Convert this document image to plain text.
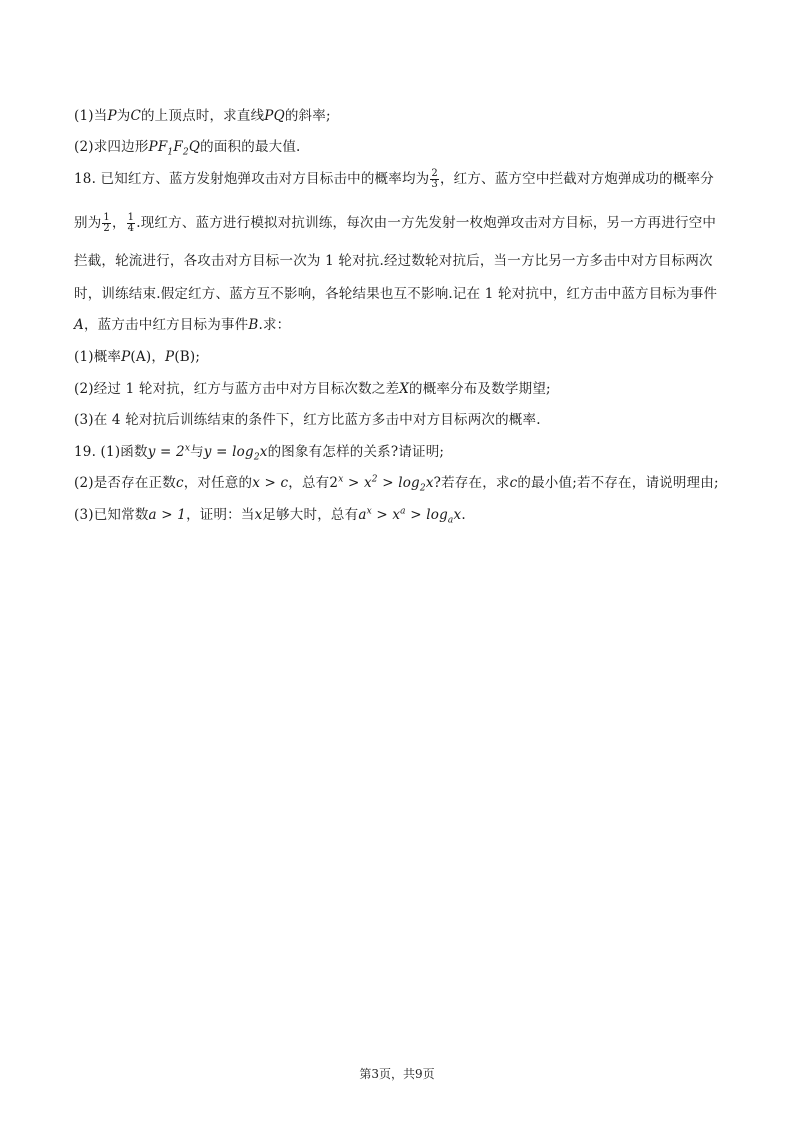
(1)当P为C的上顶点时，求直线PQ的斜率;
(2)求四边形$PF_1F_2Q$的面积的最大值.
18. 已知红方、蓝方发射炮弹攻击对方目标击中的概率均为 $\frac{2}{3}$ ，红方、蓝方空中拦截对方炮弹成功的概率分
别为 $\frac{1}{2}$ ， $\frac{1}{4}$ .现红方、蓝方进行模拟对抗训练，每次由一方先发射一枚炮弹攻击对方目标，另一方再进行空中
拦截，轮流进行，各攻击对方目标一次为 1 轮对抗.经过数轮对抗后，当一方比另一方多击中对方目标两次
时，训练结束.假定红方、蓝方互不影响，各轮结果也互不影响.记在 1 轮对抗中，红方击中蓝方目标为事件
A，蓝方击中红方目标为事件B.求：
(1)概率P(A)，P(B);
(2)经过 1 轮对抗，红方与蓝方击中对方目标次数之差X的概率分布及数学期望;
(3)在 4 轮对抗后训练结束的条件下，红方比蓝方多击中对方目标两次的概率.
19. (1)函数$y = 2^x$与$y = \log_2x$的图象有怎样的关系?请证明;
(2)是否存在正数c，对任意的x > c，总有$2^x > x^2 > \log_2x$?若存在，求c的最小值;若不存在，请说明理由;
(3)已知常数a > 1，证明：当x足够大时，总有$a^x > x^a > \log_ax$.
第3页，共9页
